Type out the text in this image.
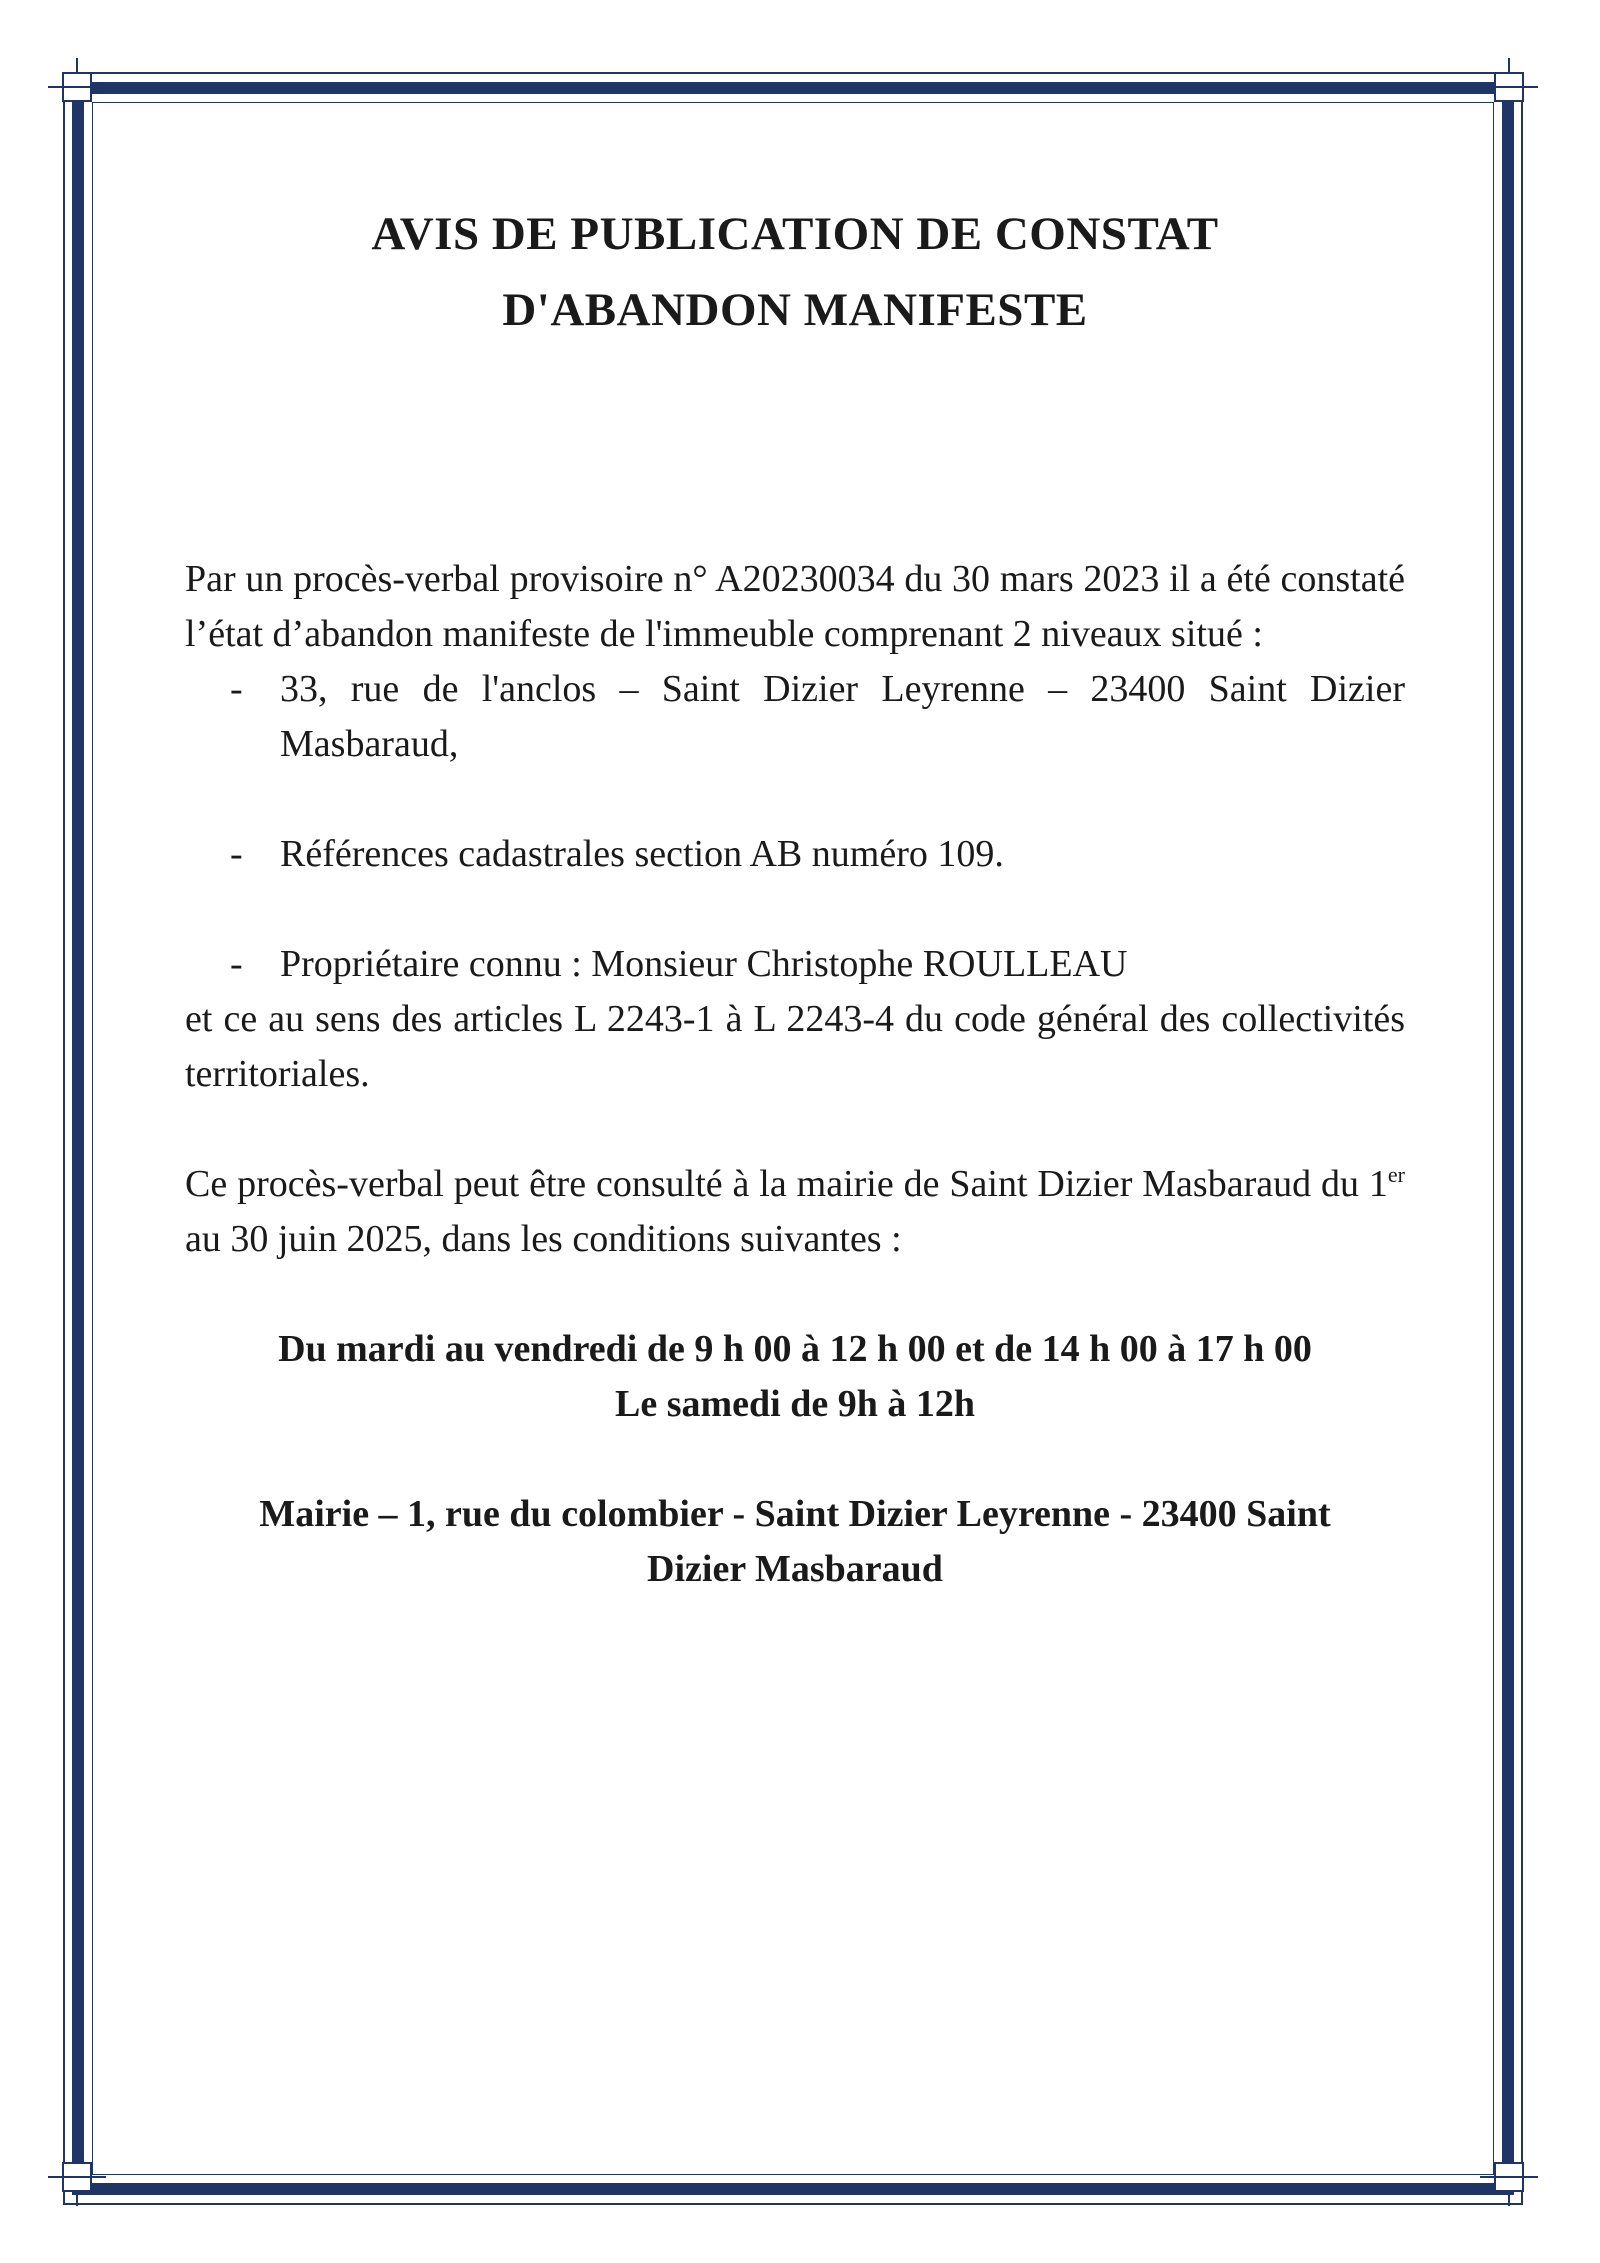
AVIS DE PUBLICATION DE CONSTAT
D'ABANDON MANIFESTE

Par un procès-verbal provisoire n° A20230034 du 30 mars 2023 il a été constaté l’état d’abandon manifeste de l'immeuble comprenant 2 niveaux situé :

- 33, rue de l'anclos – Saint Dizier Leyrenne – 23400 Saint Dizier Masbaraud,

- Références cadastrales section AB numéro 109.

- Propriétaire connu : Monsieur Christophe ROULLEAU

et ce au sens des articles L 2243-1 à L 2243-4 du code général des collectivités territoriales.

Ce procès-verbal peut être consulté à la mairie de Saint Dizier Masbaraud du 1er au 30 juin 2025, dans les conditions suivantes :

Du mardi au vendredi de 9 h 00 à 12 h 00 et de 14 h 00 à 17 h 00

Le samedi de 9h à 12h

Mairie – 1, rue du colombier - Saint Dizier Leyrenne - 23400 Saint
Dizier Masbaraud
